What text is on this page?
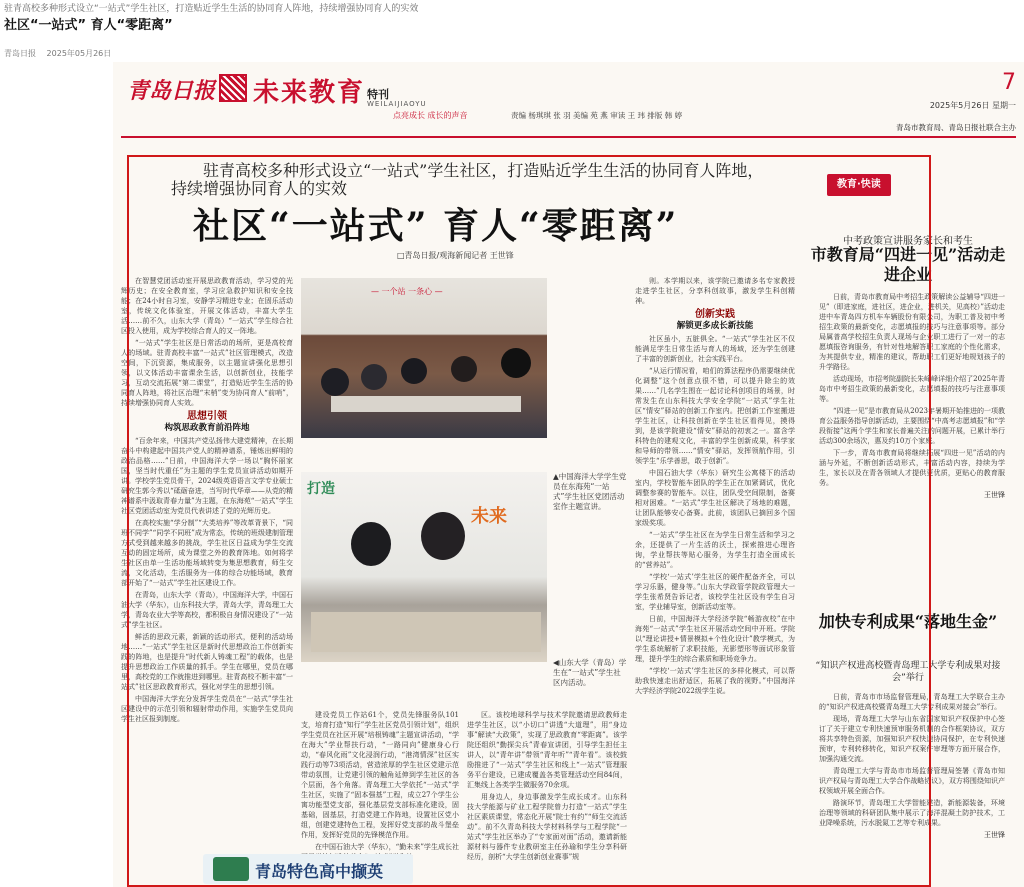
驻青高校多种形式设立“一站式”学生社区，打造贴近学生生活的协同育人阵地，持续增强协同育人的实效
社区“一站式” 育人“零距离”
青岛日报 2025年05月26日
青岛日报 未来教育 特刊
WEILAIJIAOYU
7
点亮成长 成长的声音	责编 杨琪琪 张 羽 美编 苑 燕 审读 王 玮 排版 韩 婷
2025年5月26日 星期一
青岛市教育局、青岛日报社联合主办
驻青高校多种形式设立“一站式”学生社区，打造贴近学生生活的协同育人阵地，
持续增强协同育人的实效
社区“一站式” 育人“零距离”
□青岛日报/观海新闻记者 王世锋

在智慧党团活动室开展思政教育活动，学习党的光辉历史；在安全教育室，学习应急救护知识和安全技能；在24小时自习室，安静学习精进专业；在固乐活动室，传统文化体验室，开展文体活动，丰富大学生活……前不久，山东大学（青岛）“一站式”学生综合社区投入使用，成为学校综合育人的又一阵地。

“一站式”学生社区是日常活动的场所，更是高校育人的场域。驻青高校丰富“一站式”社区管理模式，改造空间，下沉资源，集成服务，以主题宣讲强化思想引领，以文体活动丰富课余生活，以创新创业，技能学习，互动交流拓展“第二课堂”，打造贴近学生生活的协同育人阵地，将社区治理“末梢”变为协同育人“前哨”，持续增强协同育人实效。

思想引领
构筑思政教育前沿阵地

“百余年来，中国共产党弘扬伟大建党精神，在长期奋斗中构建起中国共产党人的精神谱系，锤炼出鲜明的政治品格……”日前，中国海洋大学一场以“胸怀丽家国，坚当时代重任”为主题的学生党员宣讲活动如期开讲。学校学生党员骨干，2024级英语语言文学专业硕士研究生郭今秀以“砥砺奋进，当写时代华章——从党的精神谱系中汲取青春力量”为主题，在东海苑“一站式”学生社区党团活动室为党员代表讲述了党的光辉历史。

在高校实施“学分制”“大类培养”等改革背景下，“同班不同学”“同学不同班”成为常态，传统的班级建制管理方式受到越来越多的挑战，学生社区日益成为学生交流互动的固定场所，成为课堂之外的教育阵地。如何将学生社区由单一生活功能场域转变为集思想教育，师生交流，文化活动，生活服务为一体的综合功能场域，教育部开始了“一站式”学生社区建设工作。

在青岛，山东大学（青岛），中国海洋大学，中国石油大学（华东），山东科技大学，青岛大学，青岛理工大学，青岛农业大学等高校，都积极自身情况建设了“一站式”学生社区。

鲜活的思政元素，新颖的活动形式，便利的活动场地……“一站式”学生社区是新时代思想政治工作创新实践的阵地，也是提升“时代新人铸魂工程”的载体，也是提升思想政治工作质量的抓手。学生在哪里，党员在哪里，高校党的工作就推进到哪里。驻青高校不断丰富“一站式”社区思政教育形式，强化对学生的思想引领。

中国海洋大学充分发挥学生党员在“一站式”学生社区建设中的示范引领和辐射带动作用，实施学生党员向学生社区报到制度。

— 一个站 一条心 —
▲中国海洋大学学生党员在东海苑“一站式”学生社区党团活动室作主题宣讲。
打造
未来
◀山东大学（青岛）学生在“一站式”学生社区内活动。

建设党员工作站61个，党员先锋服务队101支，培育打造“知行”学生社区党员引领计划”，组织学生党员在社区开展“培根铸魂”主题宣讲活动，“学在海大”学业帮扶行动，“一路同向”健康身心行动，“春风化雨”文化浸润行动，“港湾情深”社区实践行动等73项活动，营造浓厚的学生社区党建示范带动氛围，让党建引领的触角延伸到学生社区的各个层面，各个角落。青岛理工大学依托“一站式”学生社区，实施了“固本强基”工程，成立27个学生公寓功能型党支部，强化基层党支部标准化建设，固基础，固基层，打造党建工作阵地，设置社区党小组，创建党建特色工程，发挥好党支部的战斗堡垒作用，发挥好党员的先锋模范作用。

在中国石油大学（华东），“勤未来”学生成长社

区。该校地球科学与技术学院邀请思政教师走进学生社区，以“小切口”讲透“大道理”，用“身边事”解读“大政策”，实现了思政教育“零距离”。该学院还组织“勤探尖兵”青春宣讲团，引导学生担任主讲人，以“青年讲”带领“青年听”“青年看”。该校鼓励推进了“一站式”学生社区和线上“一站式”管理服务平台建设，已建成覆盖各类管理活动空间84间，汇集线上各类学生微服务70余项。

用身边人，身边事激发学生成长成才。山东科技大学能源与矿业工程学院曾力打造“一站式”学生社区素质课堂，常态化开展“院士有约”“师生交流活动”。前不久青岛科技大学材料科学与工程学院“一站式”学生社区举办了“专家面对面”活动，邀请新能源材料与器件专业教研室主任孙瑜和学生分享科研经历，剖析“大学生创新创业赛事”规

则。本学期以来，该学院已邀请多名专家教授走进学生社区，分享科创故事，激发学生科创精神。

创新实践
解锁更多成长新技能

社区虽小，五脏俱全。“一站式”学生社区不仅能满足学生日常生活与育人的场域，还为学生创建了丰富的创新创业，社会实践平台。

“从运行情况看，咱们的算法程序仍需要继续优化调整”这个创意点很不错，可以提升除尘的效果……”几名学生围在一起讨论科创项目的场景，时常发生在山东科技大学安全学院“一站式”学生社区“情安”驿站的创新工作室内。把创新工作室搬进学生社区，让科技创新在学生社区看得见，摸得到，是该学院建设“情安”驿站的初衷之一。富含学科特色的建观文化，丰富的学生创新成果，科学家和导师的带领……“情安”驿站，发挥领航作用，引领学生“乐学善思，敢于创新”。

中国石油大学（华东）研究生公寓楼下的活动室内，学校智能车团队的学生正在加紧调试，优化调整参赛的智能车。以往，团队受空间限制，备赛相对困难。“一站式”学生社区解决了场地的难题，让团队能够安心备赛。此前，该团队已摘回多个国家级奖项。

“一站式”学生社区在为学生日常生活和学习之余，还提供了一片生活的沃土，探索推进心理咨询，学业帮扶等贴心服务，为学生打造全面成长的“营养站”。

“学校‘一站式’学生社区的硬件配备齐全，可以学习乐器，健身等。”山东大学政管学院政管理大一学生张希贤告诉记者，该校学生社区设有学生自习室，学业辅导室，创新活动室等。

日前，中国海洋大学经济学院“畅游夜校”在中海苑“一站式”学生社区开展活动空间中开班。学院以“理论讲授+情景模拟+个性化设计”教学模式，为学生系统解析了求职技能，光影塑形等面试形象管理，提升学生的综合素质和职场竞争力。

“学校‘一站式’学生社区的多样化模式，可以帮助我快速走出舒适区，拓展了我的视野。”中国海洋大学经济学院2022级学生说。

教育·快读
中考政策宣讲服务家长和考生
市教育局“四进一见”活动走进企业

日前，青岛市教育局中考招生政策解读公益辅导“四进一见”（即进家庭，进社区，进企业，进机关，见高校）”活动走进中车青岛四方机车车辆股份有限公司，为职工普及初中考招生政策的最新变化，志愿填报的技巧与注意事项等。部分局属普高学校招生负责人现场与企业职工进行了一对一的志愿填报咨询服务，有针对性地解答职工家庭的个性化需求，为其提供专业，精准的建议，帮助职工们更好地规划孩子的升学路径。

活动现场，市招考院副院长朱峰峰详细介绍了2025年青岛市中考招生政策的最新变化，志愿填报的技巧与注意事项等。

“四进一见”是市教育局从2023年暑期开始推进的一项教育公益服务指导创新活动，主要围绕“中高考志愿填报”和“学段衔接”这两个学生和家长普遍关注的问题开展，已累计举行活动300余场次，惠及约10万个家庭。

下一步，青岛市教育局将继续拓展“四进一见”活动的内涵与外延，不断创新活动形式，丰富活动内容，持续为学生，家长以及在青各领域人才提供更优质，更贴心的教育服务。

王世锋
加快专利成果“落地生金”
“知识产权进高校暨青岛理工大学专利成果对接会”举行

日前，青岛市市场监督管理局，青岛理工大学联合主办的“知识产权进高校暨青岛理工大学专利成果对接会”举行。

现场，青岛理工大学与山东省国家知识产权保护中心签订了关于建立专利快速预审服务机制的合作框架协议，双方将共享特色资源，加强知识产权快速协同保护，在专利快速预审，专利转移转化，知识产权案件审理等方面开展合作，加强沟通交流。

青岛理工大学与青岛市市场监督管理局签署《青岛市知识产权局与青岛理工大学合作战略协议》，双方将围绕知识产权领域开展全面合作。

路演环节，青岛理工大学智能建造，新能源装备，环境治理等领域的科研团队集中展示了海洋混凝土防护技术，工业降噪系统，污水脱氮工艺等专利成果。

王世锋
青岛特色高中撷英
